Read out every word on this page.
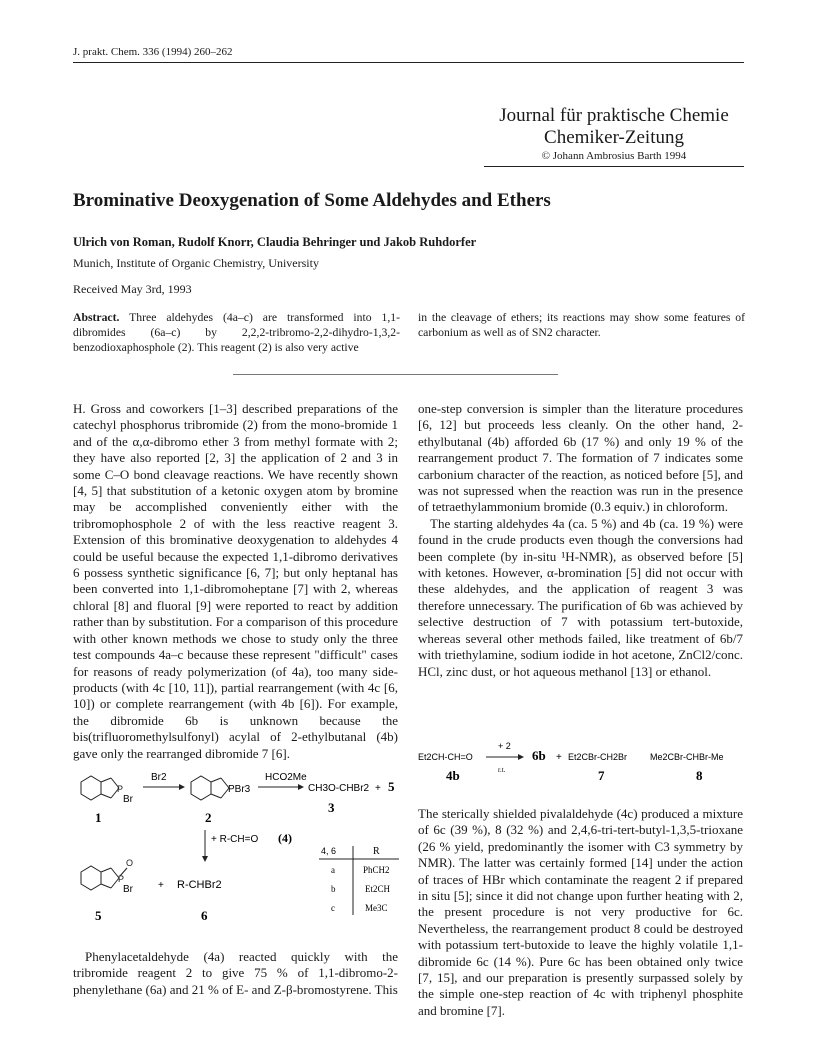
J. prakt. Chem. 336 (1994) 260–262
Journal für praktische Chemie
Chemiker-Zeitung
© Johann Ambrosius Barth 1994
Brominative Deoxygenation of Some Aldehydes and Ethers
Ulrich von Roman, Rudolf Knorr, Claudia Behringer und Jakob Ruhdorfer
Munich, Institute of Organic Chemistry, University
Received May 3rd, 1993
Abstract. Three aldehydes (4a–c) are transformed into 1,1-dibromides (6a–c) by 2,2,2-tribromo-2,2-dihydro-1,3,2-benzodioxaphosphole (2). This reagent (2) is also very active
in the cleavage of ethers; its reactions may show some features of carbonium as well as of SN2 character.

H. Gross and coworkers [1–3] described preparations of the catechyl phosphorus tribromide (2) from the mono-bromide 1 and of the α,α-dibromo ether 3 from methyl formate with 2; they have also reported [2, 3] the application of 2 and 3 in some C–O bond cleavage reactions. We have recently shown [4, 5] that substitution of a ketonic oxygen atom by bromine may be accomplished conveniently either with the tribromophosphole 2 of with the less reactive reagent 3. Extension of this brominative deoxygenation to aldehydes 4 could be useful because the expected 1,1-dibromo derivatives 6 possess synthetic significance [6, 7]; but only heptanal has been converted into 1,1-dibromoheptane [7] with 2, whereas chloral [8] and fluoral [9] were reported to react by addition rather than by substitution. For a comparison of this procedure with other known methods we chose to study only the three test compounds 4a–c because these represent "difficult" cases for reasons of ready polymerization (of 4a), too many side-products (with 4c [10, 11]), partial rearrangement (with 4c [6, 10]) or complete rearrangement (with 4b [6]). For example, the dibromide 6b is unknown because the bis(trifluoromethylsulfonyl) acylal of 2-ethylbutanal (4b) gave only the rearranged dibromide 7 [6].

P
Br
1
Br2
PBr3
2
HCO2Me
CH3O-CHBr2 + 5
3
+ R-CH=O (4)
O
P
Br
5
+ R-CHBr2
6
4, 6	R
a	PhCH2
b	Et2CH
c	Me3C

Phenylacetaldehyde (4a) reacted quickly with the tribromide reagent 2 to give 75 % of 1,1-dibromo-2-phenylethane (6a) and 21 % of E- and Z-β-bromostyrene. This

one-step conversion is simpler than the literature procedures [6, 12] but proceeds less cleanly. On the other hand, 2-ethylbutanal (4b) afforded 6b (17 %) and only 19 % of the rearrangement product 7. The formation of 7 indicates some carbonium character of the reaction, as noticed before [5], and was not supressed when the reaction was run in the presence of tetraethylammonium bromide (0.3 equiv.) in chloroform.

The starting aldehydes 4a (ca. 5 %) and 4b (ca. 19 %) were found in the crude products even though the conversions had been complete (by in-situ ¹H-NMR), as observed before [5] with ketones. However, α-bromination [5] did not occur with these aldehydes, and the application of reagent 3 was therefore unnecessary. The purification of 6b was achieved by selective destruction of 7 with potassium tert-butoxide, whereas several other methods failed, like treatment of 6b/7 with triethylamine, sodium iodide in hot acetone, ZnCl2/conc. HCl, zinc dust, or hot aqueous methanol [13] or ethanol.

Et2CH-CH=O
+ 2
r.t.
6b + Et2CBr-CH2Br	Me2CBr-CHBr-Me
4b	7	8

The sterically shielded pivalaldehyde (4c) produced a mixture of 6c (39 %), 8 (32 %) and 2,4,6-tri-tert-butyl-1,3,5-trioxane (26 % yield, predominantly the isomer with C3 symmetry by NMR). The latter was certainly formed [14] under the action of traces of HBr which contaminate the reagent 2 if prepared in situ [5]; since it did not change upon further heating with 2, the present procedure is not very productive for 6c. Nevertheless, the rearrangement product 8 could be destroyed with potassium tert-butoxide to leave the highly volatile 1,1-dibromide 6c (14 %). Pure 6c has been obtained only twice [7, 15], and our preparation is presently surpassed solely by the simple one-step reaction of 4c with triphenyl phosphite and bromine [7].
